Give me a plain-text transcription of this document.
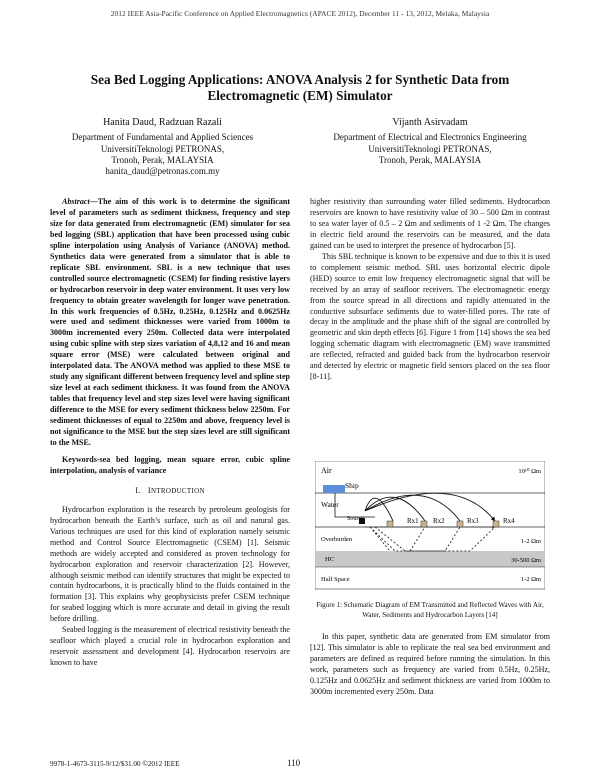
2012 IEEE Asia-Pacific Conference on Applied Electromagnetics (APACE 2012), December 11 - 13, 2012, Melaka, Malaysia
Sea Bed Logging Applications: ANOVA Analysis 2 for Synthetic Data from
Electromagnetic (EM) Simulator
Hanita Daud, Radzuan Razali
Department of Fundamental and Applied Sciences
UniversitiTeknologi PETRONAS,
Tronoh, Perak, MALAYSIA
hanita_daud@petronas.com.my
Vijanth Asirvadam
Department of Electrical and Electronics Engineering
UniversitiTeknologi PETRONAS,
Tronoh, Perak, MALAYSIA

Abstract—The aim of this work is to determine the significant level of parameters such as sediment thickness, frequency and step size for data generated from electromagnetic (EM) simulator for sea bed logging (SBL) application that have been processed using cubic spline interpolation using Analysis of Variance (ANOVA) method. Synthetics data were generated from a simulator that is able to replicate SBL environment. SBL is a new technique that uses controlled source electromagnetic (CSEM) for finding resistive layers or hydrocarbon reservoir in deep water environment. It uses very low frequency to obtain greater wavelength for longer wave penetration. In this work frequencies of 0.5Hz, 0.25Hz, 0.125Hz and 0.0625Hz were used and sediment thicknesses were varied from 1000m to 3000m incremented every 250m. Collected data were interpolated using cubic spline with step sizes variation of 4,8,12 and 16 and mean square error (MSE) were calculated between original and interpolated data. The ANOVA method was applied to these MSE to study any significant different between frequency level and spline step size level at each sediment thickness. It was found from the ANOVA tables that frequency level and step sizes level were having significant difference to the MSE for every sediment thickness below 2250m. For sediment thicknesses of equal to 2250m and above, frequency level is not significance to the MSE but the step sizes level are still significant to the MSE.

Keywords-sea bed logging, mean square error, cubic spline interpolation, analysis of variance

I. INTRODUCTION

Hydrocarbon exploration is the research by petroleum geologists for hydrocarbon beneath the Earth’s surface, such as oil and natural gas. Various techniques are used for this kind of exploration namely seismic method and Control Source Electromagnetic (CSEM) [1]. Seismic methods are widely accepted and considered as proven technology for hydrocarbon exploration and reservoir characterization [2]. However, although seismic method can identify structures that might be expected to contain hydrocarbons, it is practically blind to the fluids contained in the formation [3]. This explains why geophysicists prefer CSEM technique for seabed logging which is more accurate and detail in giving the result before drilling.

Seabed logging is the measurement of electrical resistivity beneath the seafloor which played a crucial role in hydrocarbon exploration and reservoir assessment and development [4]. Hydrocarbon reservoirs are known to have

higher resistivity than surrounding water filled sediments. Hydrocarbon reservoirs are known to have resistivity value of 30 – 500 Ωm in contrast to sea water layer of 0.5 – 2 Ωm and sediments of 1 -2 Ωm. The changes in electric field around the reservoirs can be measured, and the data gained can be used to interpret the presence of hydrocarbon [5].

This SBL technique is known to be expensive and due to this it is used to complement seismic method. SBL uses horizontal electric dipole (HED) source to emit low frequency electromagnetic signal that will be received by an array of seafloor receivers. The electromagnetic energy from the source spread in all directions and rapidly attenuated in the conductive subsurface sediments due to water-filled pores. The rate of decay in the amplitude and the phase shift of the signal are controlled by geometric and skin depth effects [6]. Figure 1 from [14] shows the sea bed logging schematic diagram with electromagnetic (EM) wave transmitted are reflected, refracted and guided back from the hydrocarbon reservoir and detected by electric or magnetic field sensors placed on the sea floor [8-11].

Air	10¹⁰ Ωm
Ship
Water
Source	Rx1 Rx2	Rx3	Rx4
Overburden	1-2 Ωm
HC	30-500 Ωm
Half Space	1-2 Ωm
Figure 1: Schematic Diagram of EM Transmitted and Reflected Waves with Air, Water, Sediments and Hydrocarbon Layers [14]

In this paper, synthetic data are generated from EM simulator from [12]. This simulator is able to replicate the real sea bed environment and parameters are defined as required before running the simulation. In this work, parameters such as frequency are varied from 0.5Hz, 0.25Hz, 0.125Hz and 0.0625Hz and sediment thickness are varied from 1000m to 3000m incremented every 250m. Data

9978-1-4673-3115-9/12/$31.00 ©2012 IEEE	110
